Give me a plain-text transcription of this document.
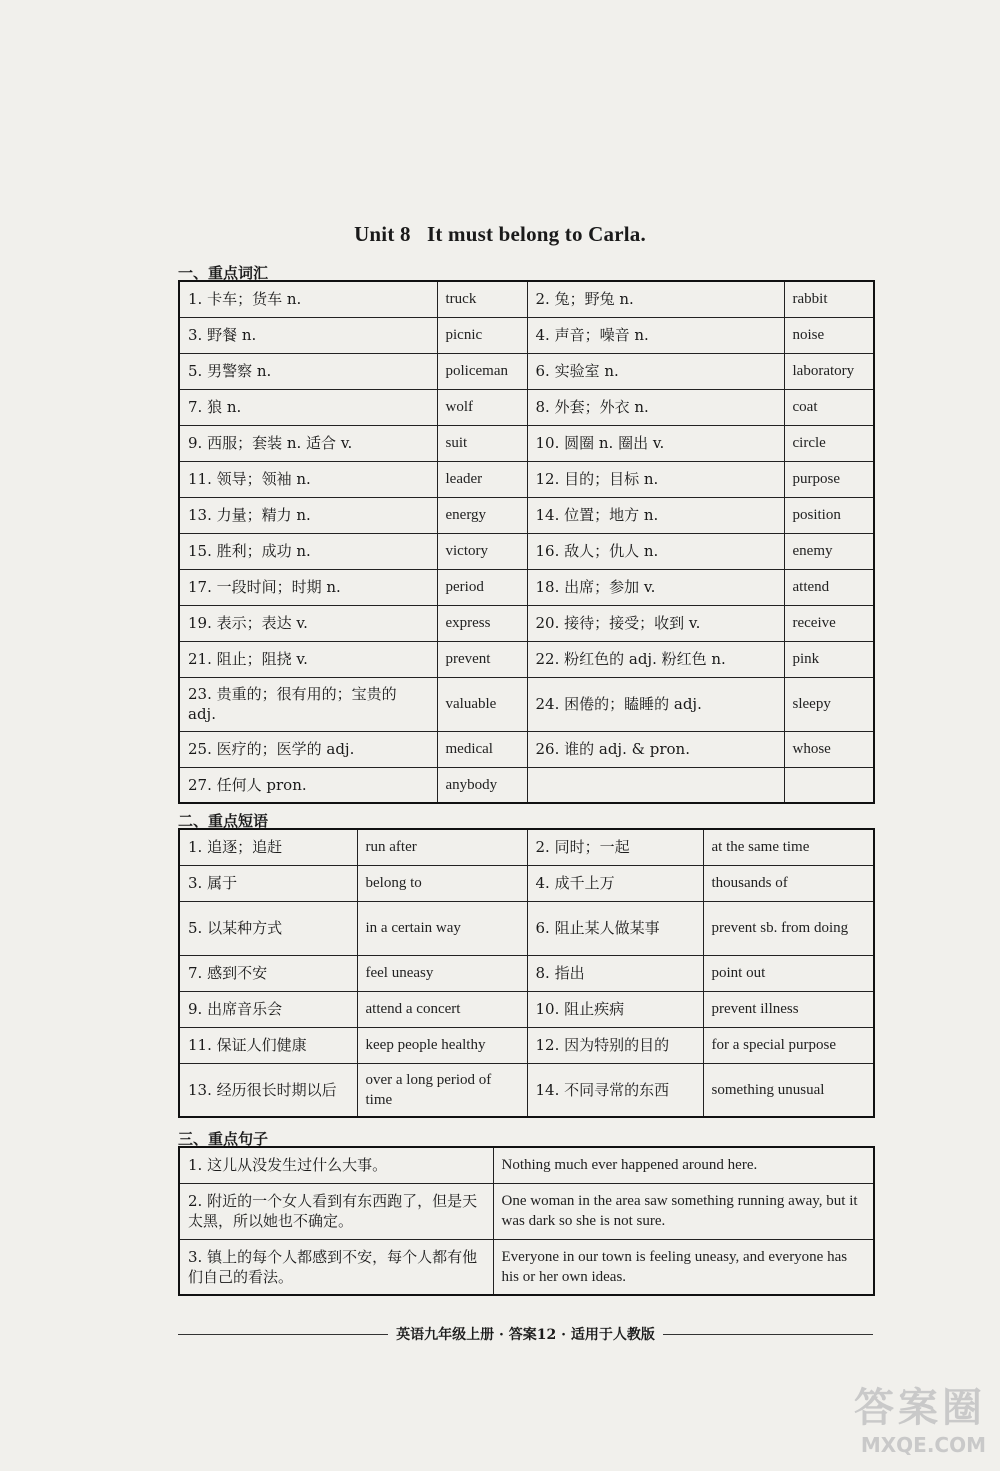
Unit 8   It must belong to Carla.
一、重点词汇
1. 卡车；货车 n.	truck	2. 兔；野兔 n.	rabbit
3. 野餐 n.	picnic	4. 声音；噪音 n.	noise
5. 男警察 n.	policeman	6. 实验室 n.	laboratory
7. 狼 n.	wolf	8. 外套；外衣 n.	coat
9. 西服；套装 n. 适合 v.	suit	10. 圆圈 n. 圈出 v.	circle
11. 领导；领袖 n.	leader	12. 目的；目标 n.	purpose
13. 力量；精力 n.	energy	14. 位置；地方 n.	position
15. 胜利；成功 n.	victory	16. 敌人；仇人 n.	enemy
17. 一段时间；时期 n.	period	18. 出席；参加 v.	attend
19. 表示；表达 v.	express	20. 接待；接受；收到 v.	receive
21. 阻止；阻挠 v.	prevent	22. 粉红色的 adj. 粉红色 n.	pink
23. 贵重的；很有用的；宝贵的 adj.	valuable	24. 困倦的；瞌睡的 adj.	sleepy
25. 医疗的；医学的 adj.	medical	26. 谁的 adj. & pron.	whose
27. 任何人 pron.	anybody		
二、重点短语
1. 追逐；追赶	run after	2. 同时；一起	at the same time
3. 属于	belong to	4. 成千上万	thousands of
5. 以某种方式	in a certain way	6. 阻止某人做某事	prevent sb. from doing
7. 感到不安	feel uneasy	8. 指出	point out
9. 出席音乐会	attend a concert	10. 阻止疾病	prevent illness
11. 保证人们健康	keep people healthy	12. 因为特别的目的	for a special purpose
13. 经历很长时期以后	over a long period of time	14. 不同寻常的东西	something unusual
三、重点句子
1. 这儿从没发生过什么大事。	Nothing much ever happened around here.
2. 附近的一个女人看到有东西跑了，但是天太黑，所以她也不确定。	One woman in the area saw something running away, but it was dark so she is not sure.
3. 镇上的每个人都感到不安，每个人都有他们自己的看法。	Everyone in our town is feeling uneasy, and everyone has his or her own ideas.
英语九年级上册 · 答案12 · 适用于人教版
答案圈
MXQE.COM
